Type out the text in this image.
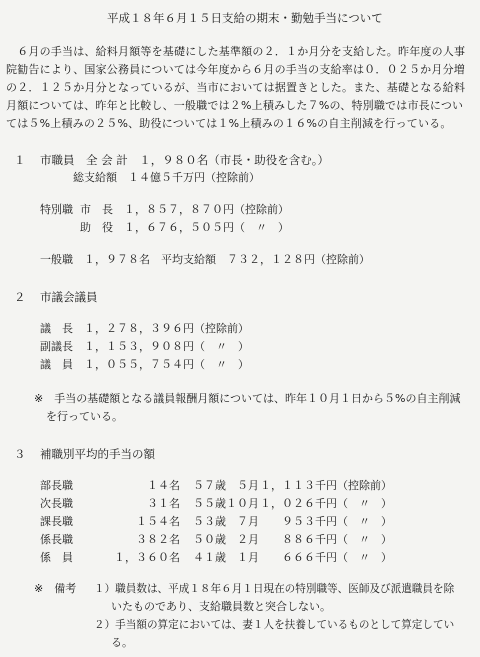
平成１８年６月１５日支給の期末・勤勉手当について
　６月の手当は、給料月額等を基礎にした基準額の２．１か月分を支給した。昨年度の人事
院勧告により、国家公務員については今年度から６月の手当の支給率は０．０２５か月分増
の２．１２５か月分となっているが、当市においては据置きとした。また、基礎となる給料
月額については、昨年と比較し、一般職では２%上積みした７%の、特別職では市長につい
ては５%上積みの２５%、助役については１%上積みの１６%の自主削減を行っている。
１ 市職員　全 会 計　１，９８０名（市長・助役を含む。）
総支給額　１４億５千万円（控除前）
特別職 市　長　１，８５７，８７０円（控除前）
助　役　１，６７６，５０５円（　〃　）
一般職　１，９７８名　平均支給額　７３２，１２８円（控除前）
２ 市議会議員
議　長　１，２７８，３９６円（控除前）
副議長　１，１５３，９０８円（　〃　）
議　員　１，０５５，７５４円（　〃　）
※　手当の基礎額となる議員報酬月額については、昨年１０月１日から５%の自主削減
を行っている。
３ 補職別平均的手当の額
部長職	１４名 ５７歳　５月 １，１１３千円（控除前）
次長職	３１名 ５５歳１０月 １，０２６千円（　〃　）
課長職	１５４名 ５３歳　７月 ９５３千円（　〃　）
係長職	３８２名 ５０歳　２月 ８８６千円（　〃　）
係　員	１，３６０名 ４１歳　１月 ６６６千円（　〃　）
※　備考 １）職員数は、平成１８年６月１日現在の特別職等、医師及び派遣職員を除
いたものであり、支給職員数と突合しない。
２）手当額の算定においては、妻１人を扶養しているものとして算定してい
る。
